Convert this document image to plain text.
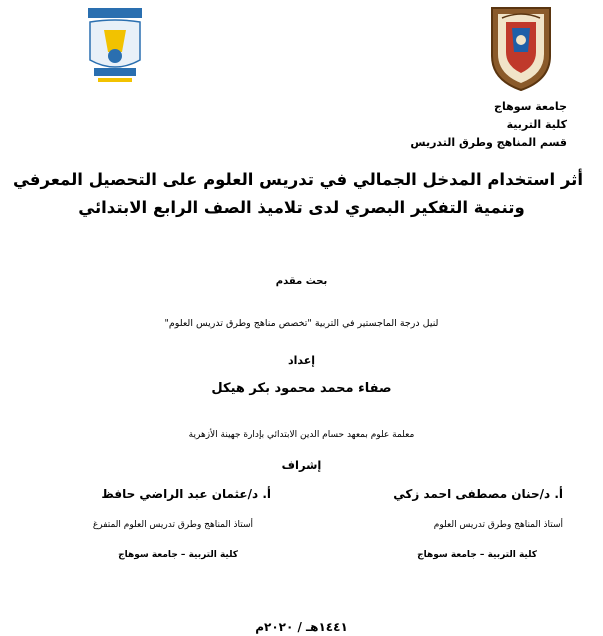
جامعة سوهاج
كلية التربية
قسم المناهج وطرق التدريس
أثر استخدام المدخل الجمالي في تدريس العلوم على التحصيل المعرفي
وتنمية التفكير البصري لدى تلاميذ الصف الرابع الابتدائي
بحث مقدم
لنيل درجة الماجستير في التربية "تخصص مناهج وطرق تدريس العلوم"
إعداد
صفاء محمد محمود بكر هيكل
معلمة علوم بمعهد حسام الدين الابتدائي بإدارة جهينة الأزهرية
إشراف
أ. د/حنان مصطفى احمد زكي
أستاذ المناهج وطرق تدريس العلوم
كلية التربية – جامعة سوهاج
أ. د/عثمان عبد الراضي حافظ
أستاذ المناهج وطرق تدريس العلوم المتفرغ
كلية التربية – جامعة سوهاج
١٤٤١هـ / ٢٠٢٠م
